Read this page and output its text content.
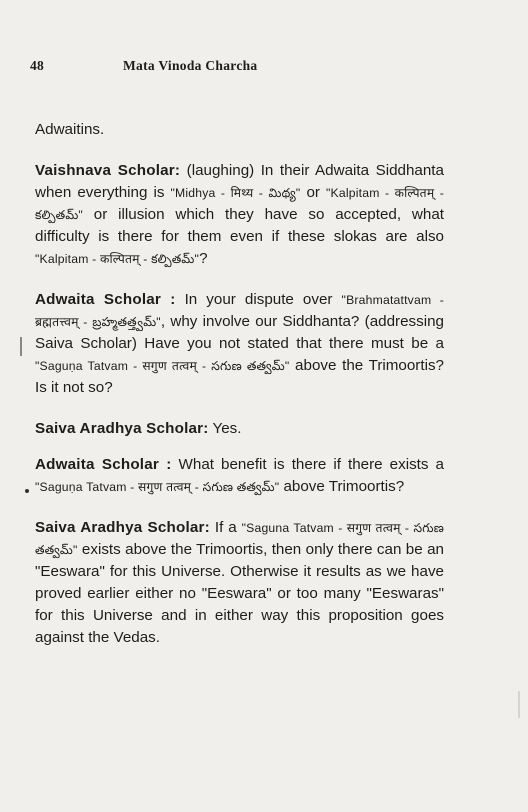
48	Mata Vinoda Charcha

Adwaitins.

Vaishnava Scholar: (laughing) In their Adwaita Siddhanta when everything is "Midhya - मिथ्य - మిథ్య" or "Kalpitam - कल्पितम् - కల్పితమ్" or illusion which they have so accepted, what difficulty is there for them even if these slokas are also "Kalpitam - कल्पितम् - కల్పితమ్"?

Adwaita Scholar : In your dispute over "Brahmatattvam - ब्रह्मतत्त्वम् - బ్రహ్మతత్త్వమ్", why involve our Siddhanta? (addressing Saiva Scholar) Have you not stated that there must be a "Saguṇa Tatvam - सगुण तत्वम् - సగుణ తత్వమ్" above the Trimoortis? Is it not so?

Saiva Aradhya Scholar: Yes.

Adwaita Scholar : What benefit is there if there exists a "Saguṇa Tatvam - सगुण तत्वम् - సగుణ తత్వమ్" above Trimoortis?

Saiva Aradhya Scholar: If a "Saguna Tatvam - सगुण तत्वम् - సగుణ తత్వమ్" exists above the Trimoortis, then only there can be an "Eeswara" for this Universe. Otherwise it results as we have proved earlier either no "Eeswara" or too many "Eeswaras" for this Universe and in either way this proposition goes against the Vedas.
